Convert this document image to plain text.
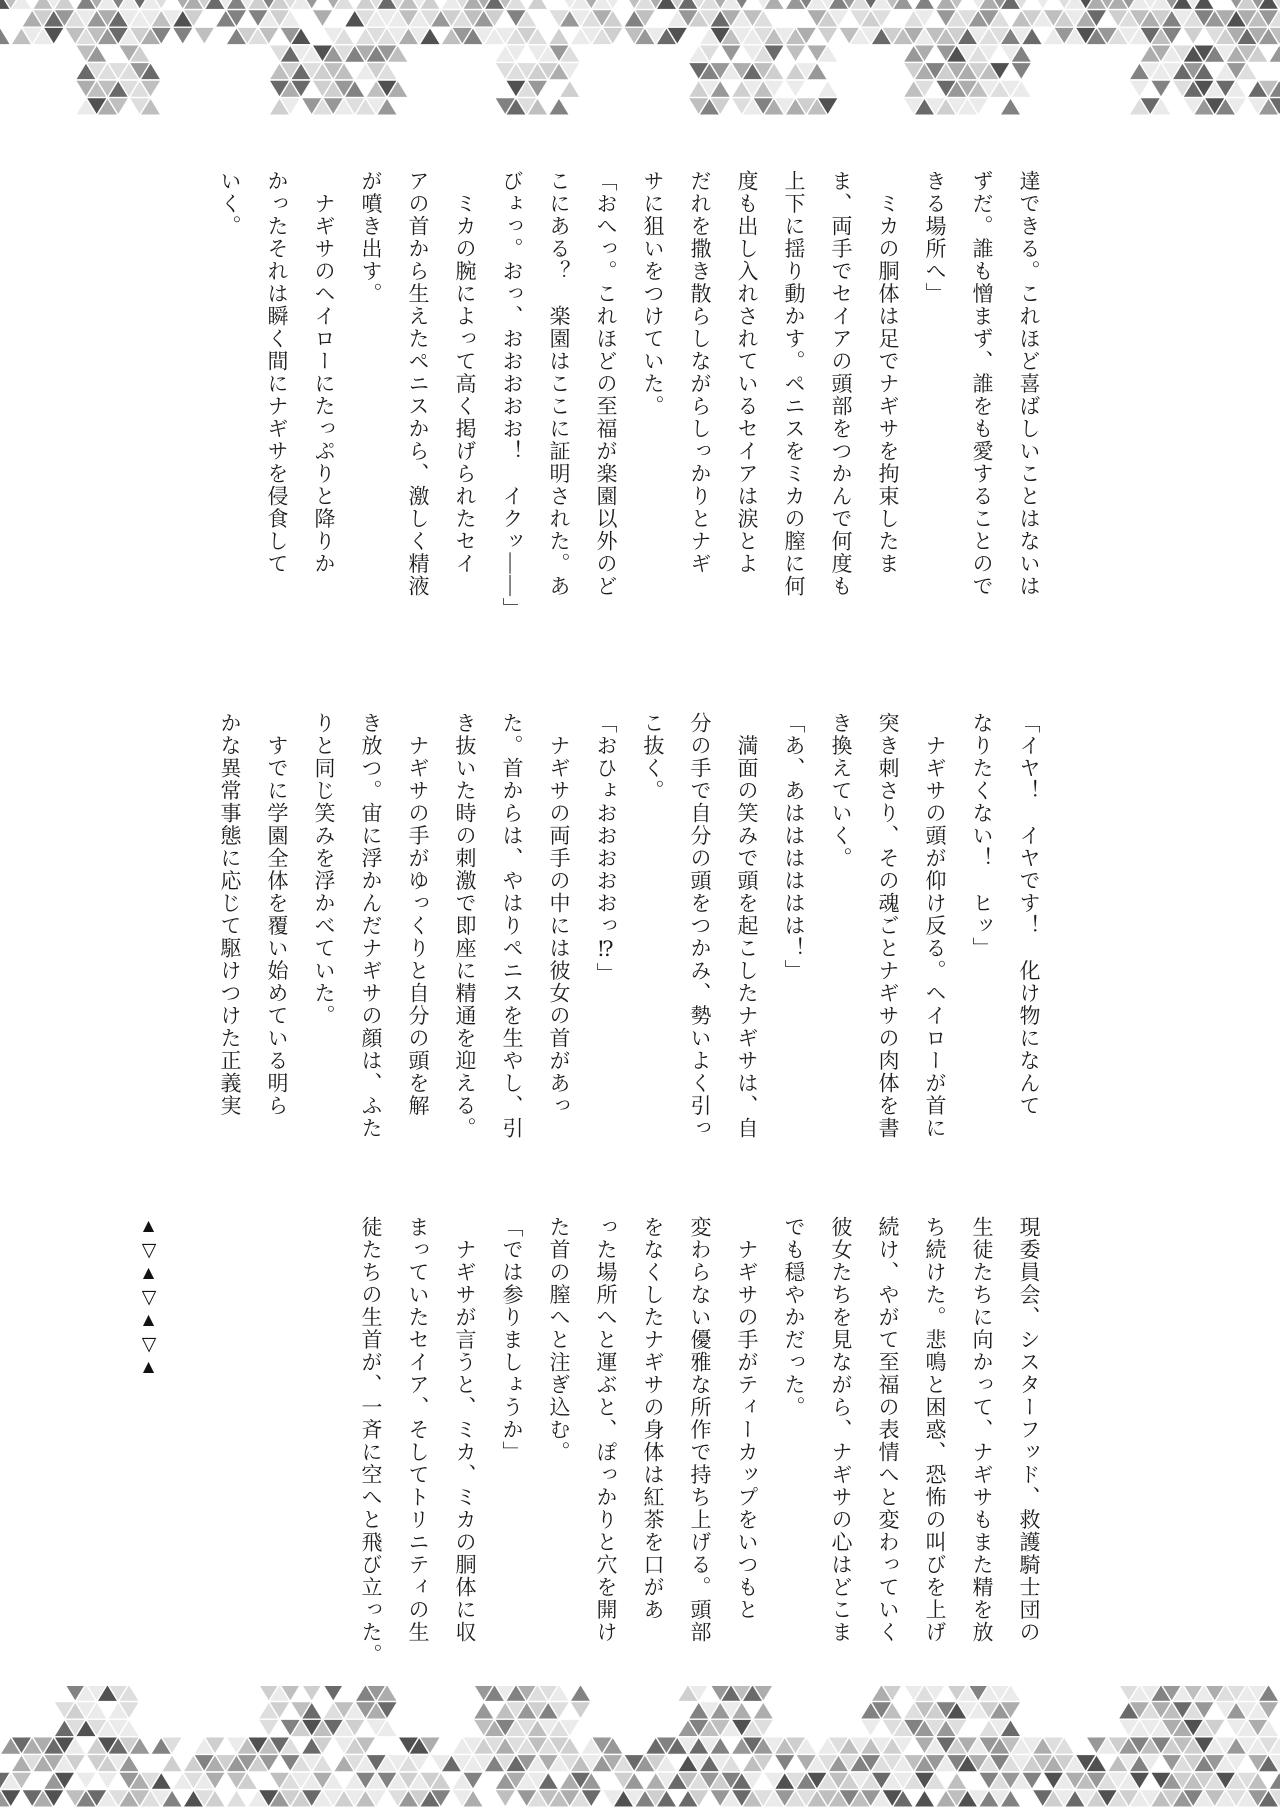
達できる。これほど喜ばしいことはないは
ずだ。誰も憎まず、誰をも愛することので
きる場所へ」
　ミカの胴体は足でナギサを拘束したま
ま、両手でセイアの頭部をつかんで何度も
上下に揺り動かす。ペニスをミカの膣に何
度も出し入れされているセイアは涙とよ
だれを撒き散らしながらしっかりとナギ
サに狙いをつけていた。
「おへっ。これほどの至福が楽園以外のど
こにある？　楽園はここに証明された。あ
びょっ。おっ、おおおおお！　イクッ――」
　ミカの腕によって高く掲げられたセイ
アの首から生えたペニスから、激しく精液
が噴き出す。
　ナギサのヘイローにたっぷりと降りか
かったそれは瞬く間にナギサを侵食して
いく。
「イヤ！　イヤです！　化け物になんて
なりたくない！　ヒッ」
　ナギサの頭が仰け反る。ヘイローが首に
突き刺さり、その魂ごとナギサの肉体を書
き換えていく。
「あ、あはははははは！」
　満面の笑みで頭を起こしたナギサは、自
分の手で自分の頭をつかみ、勢いよく引っ
こ抜く。
「おひょおおおおおっ⁉」
　ナギサの両手の中には彼女の首があっ
た。首からは、やはりペニスを生やし、引
き抜いた時の刺激で即座に精通を迎える。
　ナギサの手がゆっくりと自分の頭を解
き放つ。宙に浮かんだナギサの顔は、ふた
りと同じ笑みを浮かべていた。
　すでに学園全体を覆い始めている明ら
かな異常事態に応じて駆けつけた正義実
現委員会、シスターフッド、救護騎士団の
生徒たちに向かって、ナギサもまた精を放
ち続けた。悲鳴と困惑、恐怖の叫びを上げ
続け、やがて至福の表情へと変わっていく
彼女たちを見ながら、ナギサの心はどこま
でも穏やかだった。
　ナギサの手がティーカップをいつもと
変わらない優雅な所作で持ち上げる。頭部
をなくしたナギサの身体は紅茶を口があ
った場所へと運ぶと、ぽっかりと穴を開け
た首の膣へと注ぎ込む。
「では参りましょうか」
　ナギサが言うと、ミカ、ミカの胴体に収
まっていたセイア、そしてトリニティの生
徒たちの生首が、一斉に空へと飛び立った。
▲▽▲▽▲▽▲
